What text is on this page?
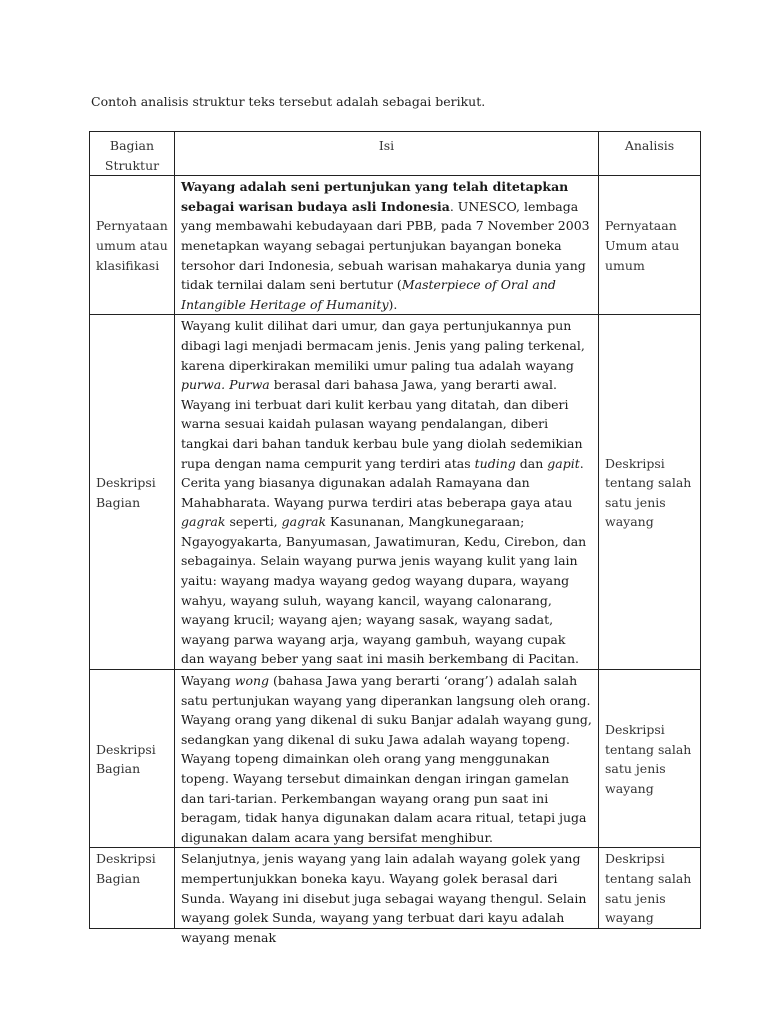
Contoh analisis struktur teks tersebut adalah sebagai berikut.
Bagian Struktur	Isi	Analisis
Pernyataan umum atau klasifikasi	Wayang adalah seni pertunjukan yang telah ditetapkan sebagai warisan budaya asli Indonesia. UNESCO, lembaga yang membawahi kebudayaan dari PBB, pada 7 November 2003 menetapkan wayang sebagai pertunjukan bayangan boneka tersohor dari Indonesia, sebuah warisan mahakarya dunia yang tidak ternilai dalam seni bertutur (Masterpiece of Oral and Intangible Heritage of Humanity).	Pernyataan Umum atau umum
Deskripsi Bagian	Wayang kulit dilihat dari umur, dan gaya pertunjukannya pun dibagi lagi menjadi bermacam jenis. Jenis yang paling terkenal, karena diperkirakan memiliki umur paling tua adalah wayang purwa. Purwa berasal dari bahasa Jawa, yang berarti awal. Wayang ini terbuat dari kulit kerbau yang ditatah, dan diberi warna sesuai kaidah pulasan wayang pendalangan, diberi tangkai dari bahan tanduk kerbau bule yang diolah sedemikian rupa dengan nama cempurit yang terdiri atas tuding dan gapit. Cerita yang biasanya digunakan adalah Ramayana dan Mahabharata. Wayang purwa terdiri atas beberapa gaya atau gagrak seperti, gagrak Kasunanan, Mangkunegaraan; Ngayogyakarta, Banyumasan, Jawatimuran, Kedu, Cirebon, dan sebagainya. Selain wayang purwa jenis wayang kulit yang lain yaitu: wayang madya wayang gedog wayang dupara, wayang wahyu, wayang suluh, wayang kancil, wayang calonarang, wayang krucil; wayang ajen; wayang sasak, wayang sadat, wayang parwa wayang arja, wayang gambuh, wayang cupak dan wayang beber yang saat ini masih berkembang di Pacitan.	Deskripsi tentang salah satu jenis wayang
Deskripsi Bagian	Wayang wong (bahasa Jawa yang berarti ‘orang’) adalah salah satu pertunjukan wayang yang diperankan langsung oleh orang. Wayang orang yang dikenal di suku Banjar adalah wayang gung, sedangkan yang dikenal di suku Jawa adalah wayang topeng. Wayang topeng dimainkan oleh orang yang menggunakan topeng. Wayang tersebut dimainkan dengan iringan gamelan dan tari-tarian. Perkembangan wayang orang pun saat ini beragam, tidak hanya digunakan dalam acara ritual, tetapi juga digunakan dalam acara yang bersifat menghibur.	Deskripsi tentang salah satu jenis wayang
Deskripsi Bagian	Selanjutnya, jenis wayang yang lain adalah wayang golek yang mempertunjukkan boneka kayu. Wayang golek berasal dari Sunda. Wayang ini disebut juga sebagai wayang thengul. Selain wayang golek Sunda, wayang yang terbuat dari kayu adalah wayang menak	Deskripsi tentang salah satu jenis wayang
